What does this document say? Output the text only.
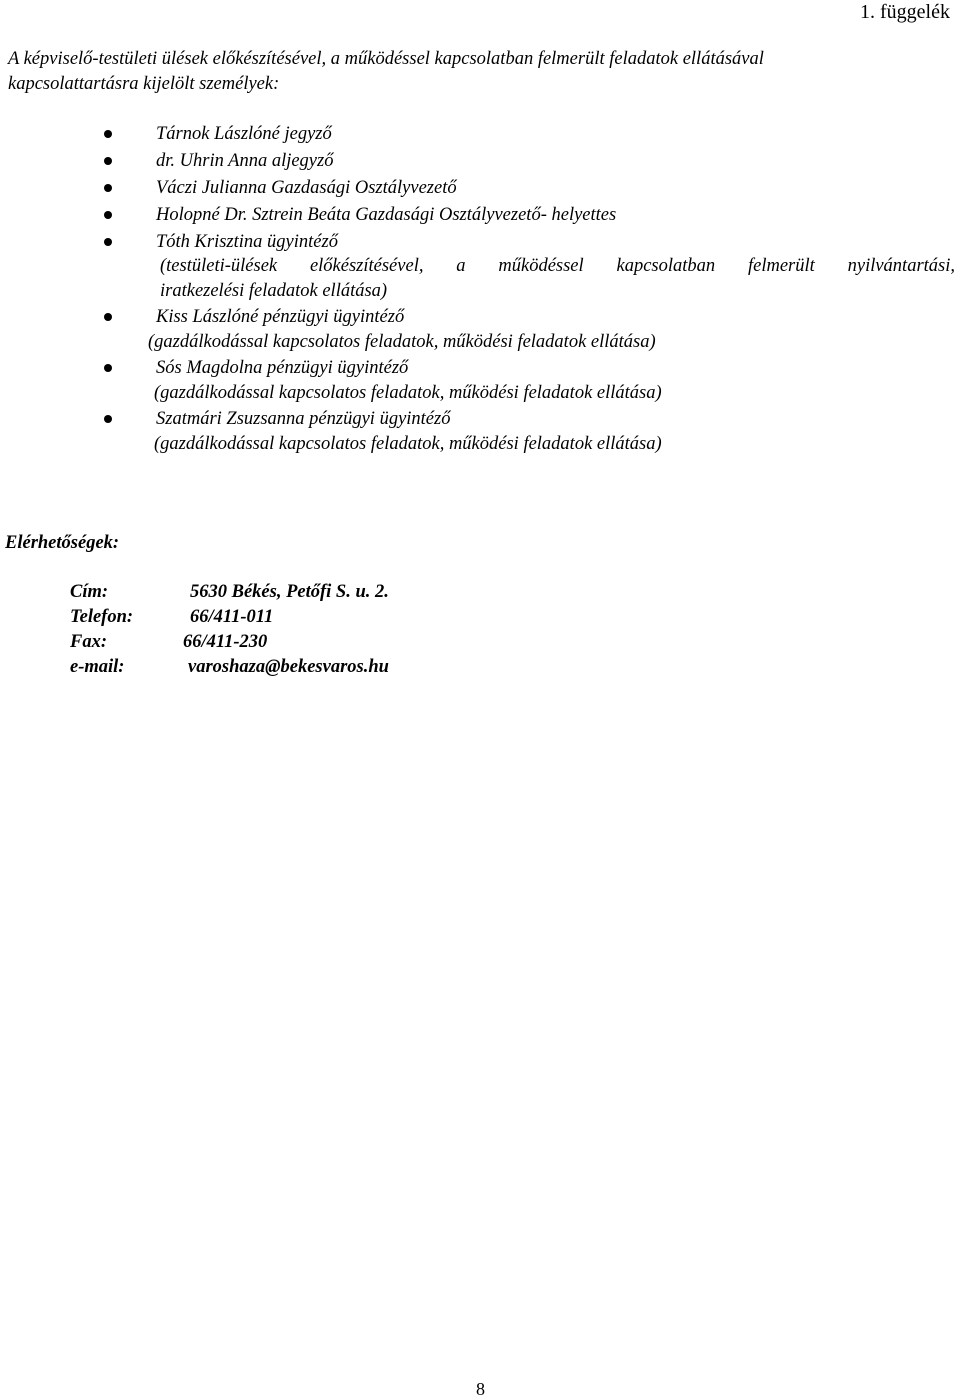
1. függelék
A képviselő-testületi ülések előkészítésével, a működéssel kapcsolatban felmerült feladatok ellátásával
kapcsolattartásra kijelölt személyek:
Tárnok Lászlóné jegyző
dr. Uhrin Anna aljegyző
Váczi Julianna Gazdasági Osztályvezető
Holopné Dr. Sztrein Beáta Gazdasági Osztályvezető- helyettes
Tóth Krisztina ügyintéző
(testületi-ülések előkészítésével, a működéssel kapcsolatban felmerült nyilvántartási,
iratkezelési feladatok ellátása)
Kiss Lászlóné pénzügyi ügyintéző
(gazdálkodással kapcsolatos feladatok, működési feladatok ellátása)
Sós Magdolna pénzügyi ügyintéző
(gazdálkodással kapcsolatos feladatok, működési feladatok ellátása)
Szatmári Zsuzsanna pénzügyi ügyintéző
(gazdálkodással kapcsolatos feladatok, működési feladatok ellátása)
Elérhetőségek:
Cím:	5630 Békés, Petőfi S. u. 2.
Telefon:	66/411-011
Fax:	66/411-230
e-mail:	varoshaza@bekesvaros.hu
8
